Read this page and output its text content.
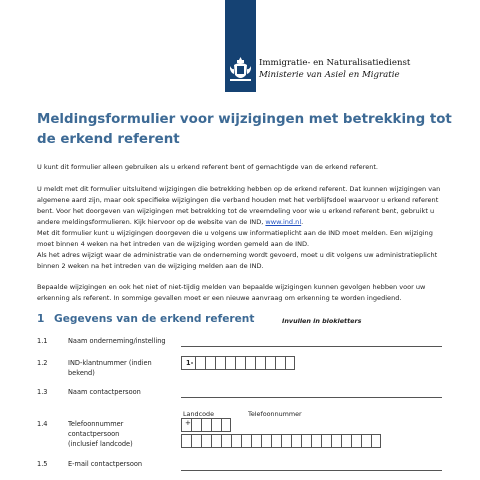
Immigratie- en Naturalisatiedienst
Ministerie van Asiel en Migratie
Meldingsformulier voor wijzigingen met betrekking tot de erkend referent
U kunt dit formulier alleen gebruiken als u erkend referent bent of gemachtigde van de erkend referent.
U meldt met dit formulier uitsluitend wijzigingen die betrekking hebben op de erkend referent. Dat kunnen wijzigingen van algemene aard zijn, maar ook specifieke wijzigingen die verband houden met het verblijfsdoel waarvoor u erkend referent bent. Voor het doorgeven van wijzigingen met betrekking tot de vreemdeling voor wie u erkend referent bent, gebruikt u andere meldingsformulieren. Kijk hiervoor op de website van de IND, www.ind.nl.
Met dit formulier kunt u wijzigingen doorgeven die u volgens uw informatieplicht aan de IND moet melden. Een wijziging moet binnen 4 weken na het intreden van de wijziging worden gemeld aan de IND.
Als het adres wijzigt waar de administratie van de onderneming wordt gevoerd, moet u dit volgens uw administratieplicht binnen 2 weken na het intreden van de wijziging melden aan de IND.
Bepaalde wijzigingen en ook het niet of niet-tijdig melden van bepaalde wijzigingen kunnen gevolgen hebben voor uw erkenning als referent. In sommige gevallen moet er een nieuwe aanvraag om erkenning te worden ingediend.
1 Gegevens van de erkend referent	Invullen in blokletters
1.1	Naam onderneming/instelling
1.2	IND-klantnummer (indien
bekend)
1-
1.3	Naam contactpersoon
Landcode	Telefoonnummer
1.4	Telefoonnummer
contactpersoon
(inclusief landcode)
+
1.5	E-mail contactpersoon
